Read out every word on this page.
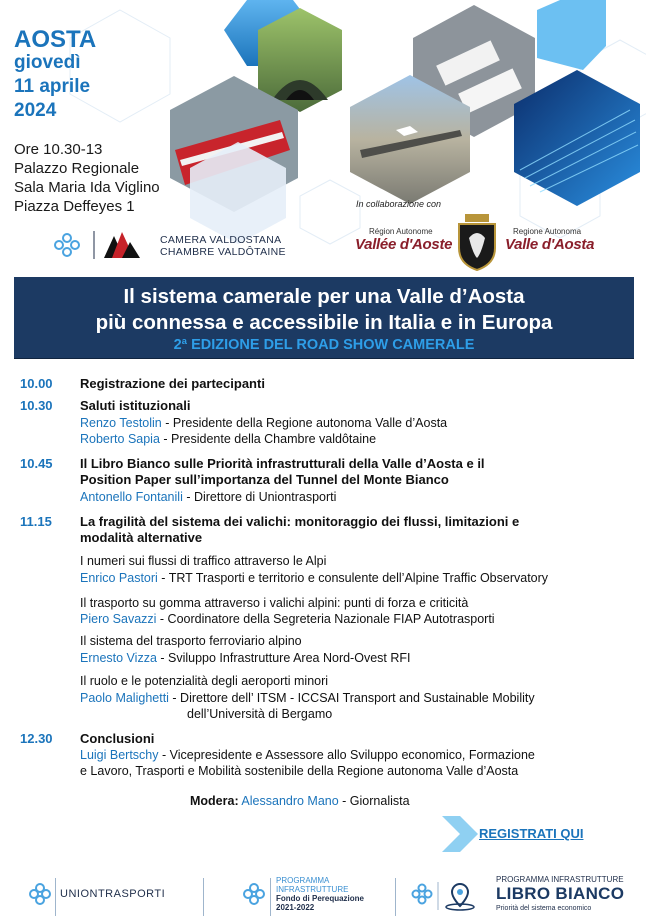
AOSTA
giovedì
11 aprile
2024
Ore 10.30-13
Palazzo Regionale
Sala Maria Ida Viglino
Piazza Deffeyes 1	In collaborazione con
CAMERA VALDOSTANA
CHAMBRE VALDÔTAINE
Région Autonome
Vallée d'Aoste
Regione Autonoma
Valle d'Aosta
Il sistema camerale per una Valle d’Aosta
più connessa e accessibile in Italia e in Europa
2ª EDIZIONE DEL ROAD SHOW CAMERALE
10.00 Registrazione dei partecipanti
10.30 Saluti istituzionali
Renzo Testolin - Presidente della Regione autonoma Valle d’Aosta
Roberto Sapia - Presidente della Chambre valdôtaine
10.45 Il Libro Bianco sulle Priorità infrastrutturali della Valle d’Aosta e il
Position Paper sull’importanza del Tunnel del Monte Bianco
Antonello Fontanili - Direttore di Uniontrasporti
11.15 La fragilità del sistema dei valichi: monitoraggio dei flussi, limitazioni e
modalità alternative
I numeri sui flussi di traffico attraverso le Alpi
Enrico Pastori - TRT Trasporti e territorio e consulente dell’Alpine Traffic Observatory
Il trasporto su gomma attraverso i valichi alpini: punti di forza e criticità
Piero Savazzi - Coordinatore della Segreteria Nazionale FIAP Autotrasporti
Il sistema del trasporto ferroviario alpino
Ernesto Vizza - Sviluppo Infrastrutture Area Nord-Ovest RFI
Il ruolo e le potenzialità degli aeroporti minori
Paolo Malighetti - Direttore dell’ ITSM - ICCSAI Transport and Sustainable Mobility
dell’Università di Bergamo
12.30 Conclusioni
Luigi Bertschy - Vicepresidente e Assessore allo Sviluppo economico, Formazione
e Lavoro, Trasporti e Mobilità sostenibile della Regione autonoma Valle d’Aosta
Modera: Alessandro Mano - Giornalista
REGISTRATI QUI
UNIONTRASPORTI
PROGRAMMA
INFRASTRUTTURE
Fondo di Perequazione
2021-2022
PROGRAMMA INFRASTRUTTURE
LIBRO BIANCO
Priorità del sistema economico
